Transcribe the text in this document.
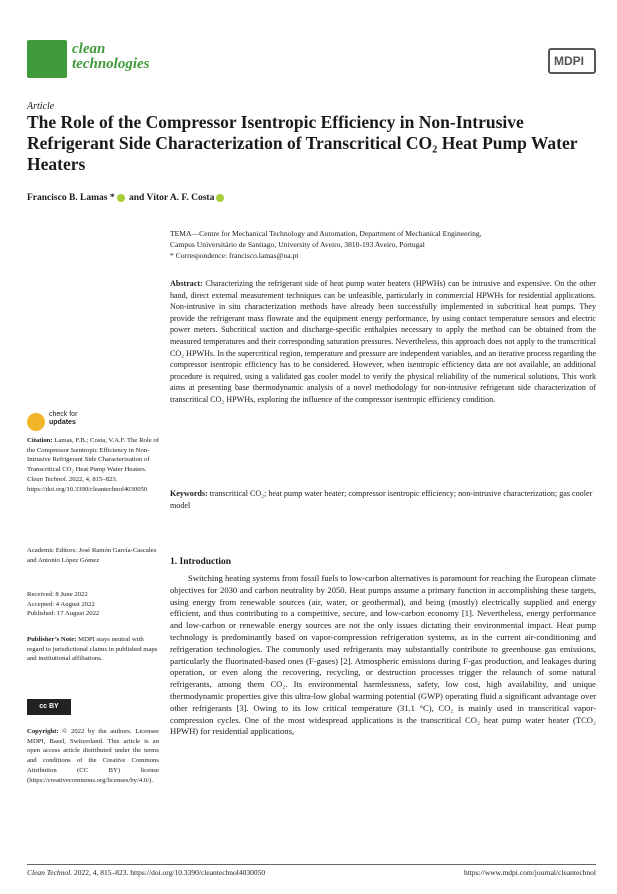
clean
technologies	MDPI
Article
The Role of the Compressor Isentropic Efficiency in Non-Intrusive Refrigerant Side Characterization of Transcritical CO₂ Heat Pump Water Heaters
Francisco B. Lamas * and Vítor A. F. Costa
TEMA—Centre for Mechanical Technology and Automation, Department of Mechanical Engineering,
Campus Universitário de Santiago, University of Aveiro, 3810-193 Aveiro, Portugal
* Correspondence: francisco.lamas@ua.pt
Abstract: Characterizing the refrigerant side of heat pump water heaters (HPWHs) can be intrusive and expensive. On the other hand, direct external measurement techniques can be unfeasible, particularly in commercial HPWHs for residential applications. Non-intrusive in situ characterization methods have already been successfully implemented in subcritical heat pumps. They provide the refrigerant mass flowrate and the equipment energy performance, by using contact temperature sensors and electric power meters. Subcritical suction and discharge-specific enthalpies necessary to apply the method can be obtained from the measured temperatures and their corresponding saturation pressures. Nevertheless, this approach does not apply to the transcritical CO₂ HPWHs. In the supercritical region, temperature and pressure are independent variables, and an iterative process regarding the compressor isentropic efficiency has to be considered. However, when isentropic efficiency data are not available, an additional procedure is required, using a validated gas cooler model to verify the physical reliability of the numerical solutions. This work aims at presenting base thermodynamic analysis of a novel methodology for non-intrusive refrigerant side characterization of transcritical CO₂ HPWHs, exploring the influence of the compressor isentropic efficiency condition.
Keywords: transcritical CO₂; heat pump water heater; compressor isentropic efficiency; non-intrusive characterization; gas cooler model
check for
updates
Citation: Lamas, F.B.; Costa, V.A.F. The Role of the Compressor Isentropic Efficiency in Non-Intrusive Refrigerant Side Characterization of Transcritical CO₂ Heat Pump Water Heaters. Clean Technol. 2022, 4, 815–823. https://doi.org/10.3390/cleantechnol4030050
Academic Editors: José Ramón García-Cascales and Antonio López Gómez
Received: 8 June 2022
Accepted: 4 August 2022
Published: 17 August 2022
Publisher’s Note: MDPI stays neutral with regard to jurisdictional claims in published maps and institutional affiliations.
cc BY
Copyright: © 2022 by the authors. Licensee MDPI, Basel, Switzerland. This article is an open access article distributed under the terms and conditions of the Creative Commons Attribution (CC BY) license (https://creativecommons.org/licenses/by/4.0/).
1. Introduction
Switching heating systems from fossil fuels to low-carbon alternatives is paramount for reaching the European climate objectives for 2030 and carbon neutrality by 2050. Heat pumps assume a primary function in accomplishing these targets, using energy from renewable sources (air, water, or geothermal), and being (mostly) electrically supplied and energy efficient, and thus contributing to a competitive, secure, and low-carbon economy [1]. Nevertheless, energy performance and low-carbon or renewable energy sources are not the only issues dictating their environmental impact. Heat pump technology is predominantly based on vapor-compression refrigeration systems, as in the current air-conditioning and refrigeration technologies. The commonly used refrigerants may substantially contribute to greenhouse gas emissions, particularly the fluorinated-based ones (F-gases) [2]. Atmospheric emissions during F-gas production, and leakages during operation, or even along the recovering, recycling, or destruction processes trigger the relaunch of some natural refrigerants, among them CO₂. Its environmental harmlessness, safety, low cost, high availability, and unique thermodynamic properties give this ultra-low global warming potential (GWP) operating fluid a significant advantage over other refrigerants [3]. Owing to its low critical temperature (31.1 °C), CO₂ is mainly used in transcritical vapor-compression cycles. One of the most widespread applications is the transcritical CO₂ heat pump water heater (TCO₂ HPWH) for residential applications,
Clean Technol. 2022, 4, 815–823. https://doi.org/10.3390/cleantechnol4030050	https://www.mdpi.com/journal/cleantechnol
